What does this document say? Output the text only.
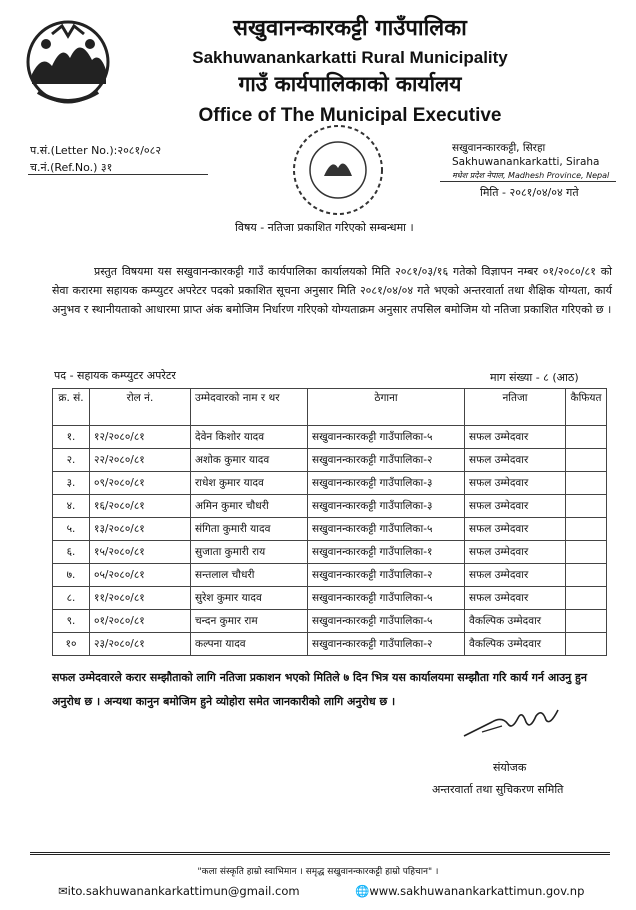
सखुवानन्कारकट्टी गाउँपालिका
Sakhuwanankarkatti Rural Municipality
गाउँ कार्यपालिकाको कार्यालय
Office of The Municipal Executive
प.सं.(Letter No.):२०८१/०८२
च.नं.(Ref.No.) ३१
सखुवानन्कारकट्टी, सिरहा
Sakhuwanankarkatti, Siraha
मधेश प्रदेश नेपाल, Madhesh Province, Nepal
मिति - २०८१/०४/०४ गते
विषय - नतिजा प्रकाशित गरिएको सम्बन्धमा ।
प्रस्तुत विषयमा यस सखुवानन्कारकट्टी गाउँ कार्यपालिका कार्यालयको मिति २०८१/०३/१६ गतेको विज्ञापन नम्बर ०१/२०८०/८१ को सेवा करारमा सहायक कम्प्युटर अपरेटर पदको प्रकाशित सूचना अनुसार मिति २०८१/०४/०४ गते भएको अन्तरवार्ता तथा शैक्षिक योग्यता, कार्य अनुभव र स्थानीयताको आधारमा प्राप्त अंक बमोजिम निर्धारण गरिएको योग्यताक्रम अनुसार तपसिल बमोजिम यो नतिजा प्रकाशित गरिएको छ ।
पद - सहायक कम्प्युटर अपरेटर	माग संख्या - ८ (आठ)
क्र. सं.	रोल नं.	उम्मेदवारको नाम र थर	ठेगाना	नतिजा	कैफियत
१.	१२/२०८०/८१	देवेन किशोर यादव	सखुवानन्कारकट्टी गाउँपालिका-५	सफल उम्मेदवार	
२.	२२/२०८०/८१	अशोक कुमार यादव	सखुवानन्कारकट्टी गाउँपालिका-२	सफल उम्मेदवार	
३.	०९/२०८०/८१	राधेश कुमार यादव	सखुवानन्कारकट्टी गाउँपालिका-३	सफल उम्मेदवार	
४.	१६/२०८०/८१	अमिन कुमार चौधरी	सखुवानन्कारकट्टी गाउँपालिका-३	सफल उम्मेदवार	
५.	१३/२०८०/८१	संगिता कुमारी यादव	सखुवानन्कारकट्टी गाउँपालिका-५	सफल उम्मेदवार	
६.	१५/२०८०/८१	सुजाता कुमारी राय	सखुवानन्कारकट्टी गाउँपालिका-१	सफल उम्मेदवार	
७.	०५/२०८०/८१	सन्तलाल चौधरी	सखुवानन्कारकट्टी गाउँपालिका-२	सफल उम्मेदवार	
८.	११/२०८०/८१	सुरेश कुमार यादव	सखुवानन्कारकट्टी गाउँपालिका-५	सफल उम्मेदवार	
९.	०१/२०८०/८१	चन्दन कुमार राम	सखुवानन्कारकट्टी गाउँपालिका-५	वैकल्पिक उम्मेदवार	
१०	२३/२०८०/८१	कल्पना यादव	सखुवानन्कारकट्टी गाउँपालिका-२	वैकल्पिक उम्मेदवार	
सफल उम्मेदवारले करार सम्झौताको लागि नतिजा प्रकाशन भएको मितिले ७ दिन भित्र यस कार्यालयमा सम्झौता गरि कार्य गर्न आउनु हुन अनुरोध छ । अन्यथा कानुन बमोजिम हुने व्योहोरा समेत जानकारीको लागि अनुरोध छ ।
संयोजक
अन्तरवार्ता तथा सुचिकरण समिति
"कला संस्कृति हाम्रो स्वाभिमान । समृद्ध सखुवानन्कारकट्टी हाम्रो पहिचान" ।
✉ito.sakhuwanankarkattimun@gmail.com	🌐www.sakhuwanankarkattimun.gov.np
